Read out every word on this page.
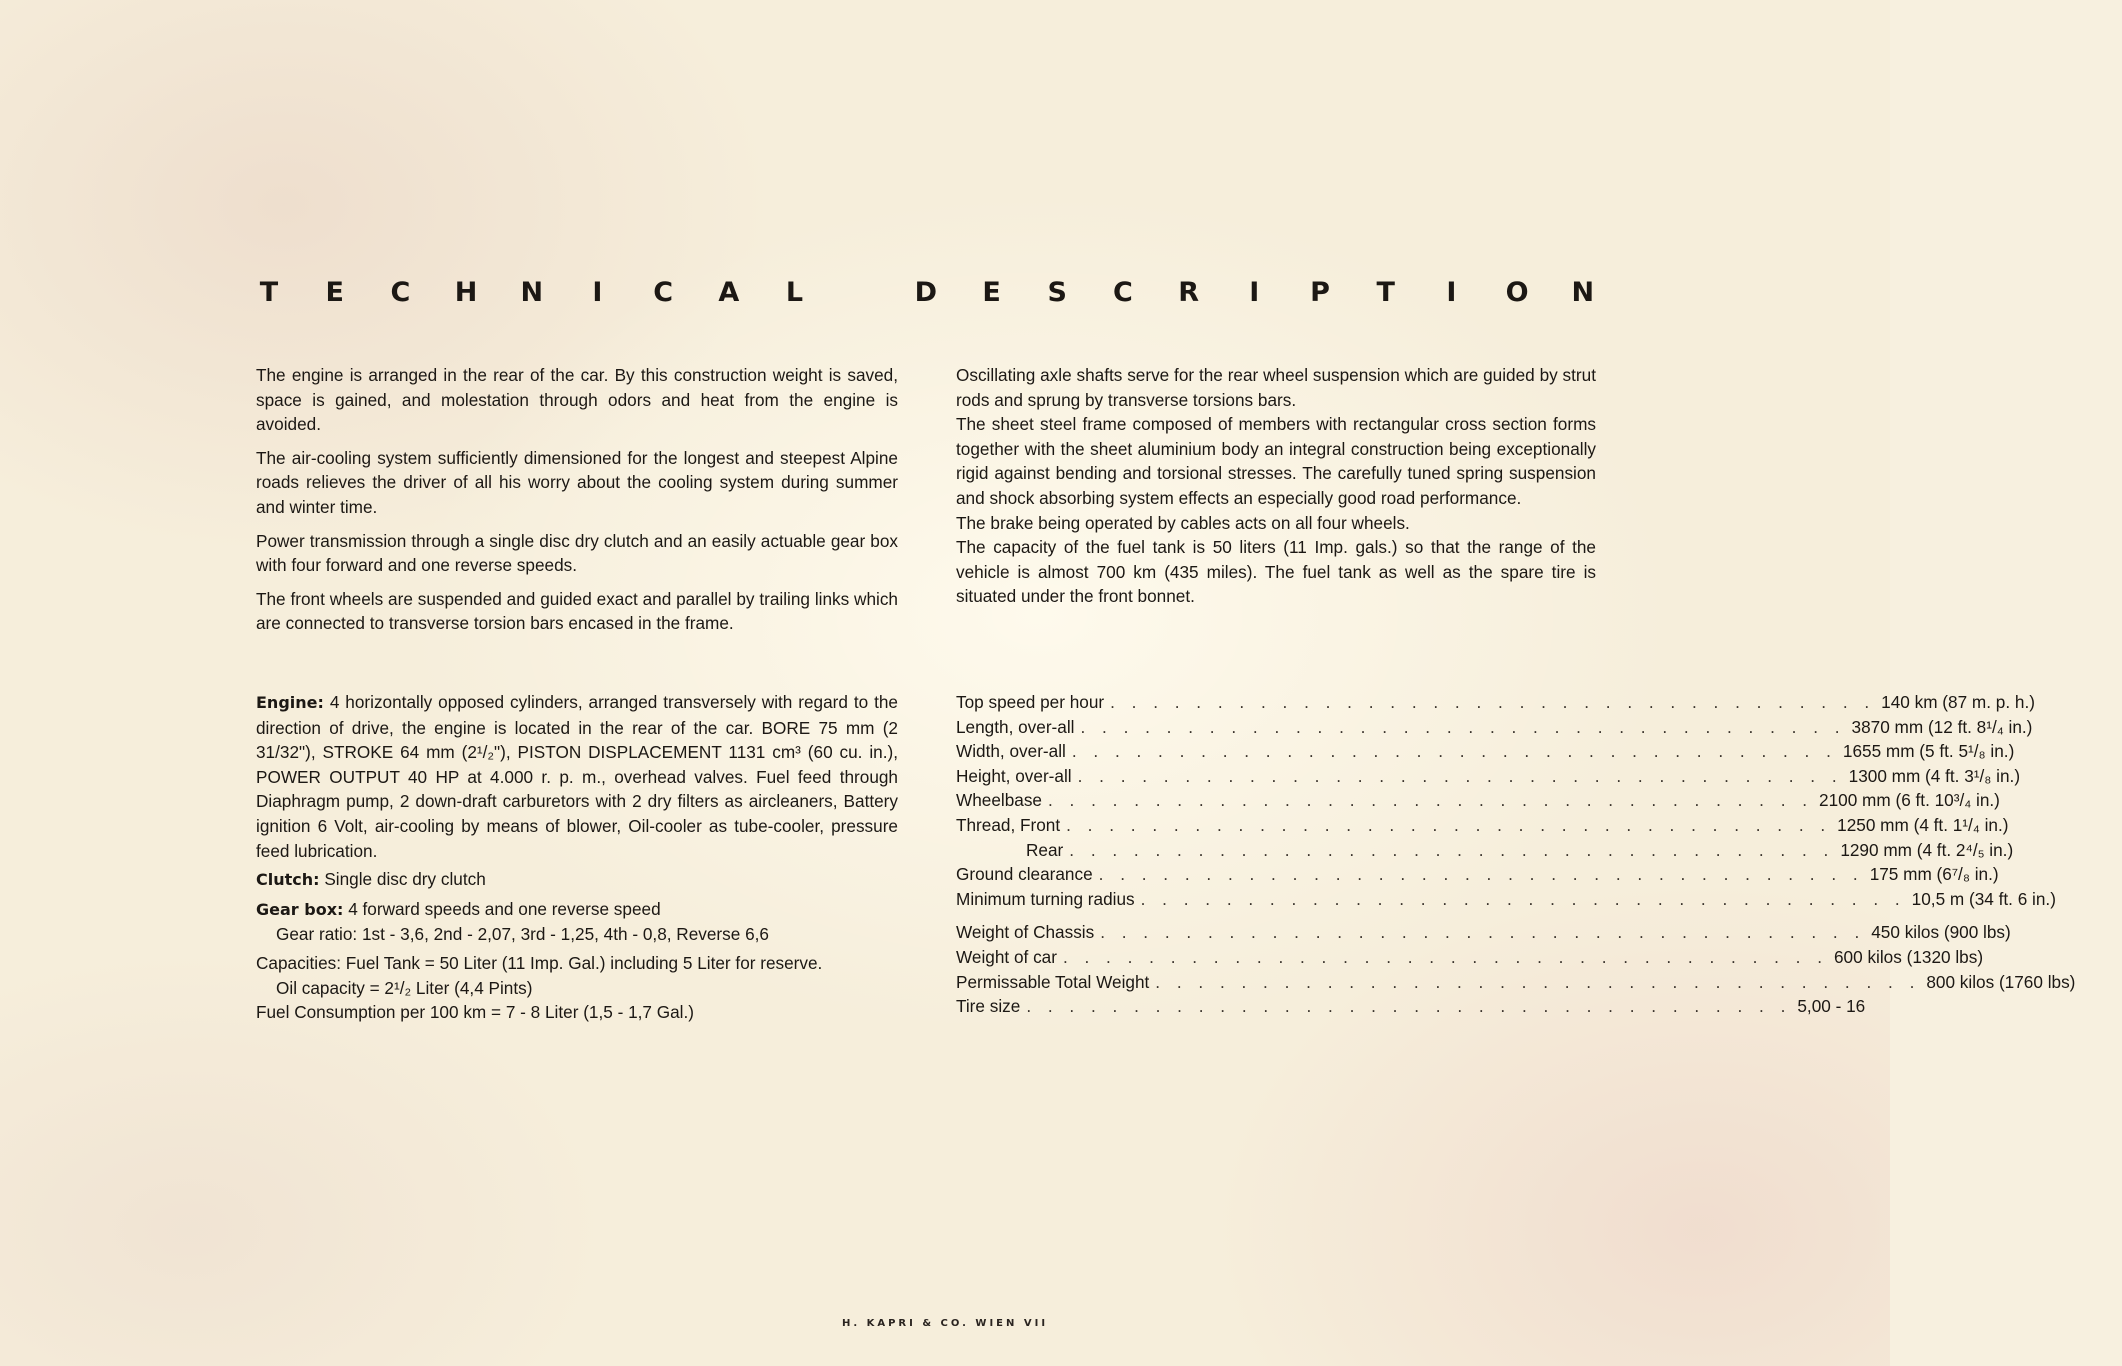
T E C H N I C A L	D E S C R I P T I O N

The engine is arranged in the rear of the car. By this construction weight is saved, space is gained, and molestation through odors and heat from the engine is avoided.

The air-cooling system sufficiently dimensioned for the longest and steepest Alpine roads relieves the driver of all his worry about the cooling system during summer and winter time.

Power transmission through a single disc dry clutch and an easily actuable gear box with four forward and one reverse speeds.

The front wheels are suspended and guided exact and parallel by trailing links which are connected to transverse torsion bars encased in the frame.

Oscillating axle shafts serve for the rear wheel suspension which are guided by strut rods and sprung by transverse torsions bars.

The sheet steel frame composed of members with rectangular cross section forms together with the sheet aluminium body an integral construction being exceptionally rigid against bending and torsional stresses. The carefully tuned spring suspension and shock absorbing system effects an especially good road performance.

The brake being operated by cables acts on all four wheels.

The capacity of the fuel tank is 50 liters (11 Imp. gals.) so that the range of the vehicle is almost 700 km (435 miles). The fuel tank as well as the spare tire is situated under the front bonnet.

Engine: 4 horizontally opposed cylinders, arranged transversely with regard to the direction of drive, the engine is located in the rear of the car. BORE 75 mm (2 31/32"), STROKE 64 mm (2¹/₂"), PISTON DISPLACEMENT 1131 cm³ (60 cu. in.), POWER OUTPUT 40 HP at 4.000 r. p. m., overhead valves. Fuel feed through Diaphragm pump, 2 down-draft carburetors with 2 dry filters as aircleaners, Battery ignition 6 Volt, air-cooling by means of blower, Oil-cooler as tube-cooler, pressure feed lubrication.

Clutch: Single disc dry clutch

Gear box: 4 forward speeds and one reverse speed

Gear ratio: 1st - 3,6, 2nd - 2,07, 3rd - 1,25, 4th - 0,8, Reverse 6,6

Capacities: Fuel Tank = 50 Liter (11 Imp. Gal.) including 5 Liter for reserve.

Oil capacity = 2¹/₂ Liter (4,4 Pints)

Fuel Consumption per 100 km = 7 - 8 Liter (1,5 - 1,7 Gal.)

Top speed per hour . . . . . . . . . . . . . . . . . . . . . . . . . . . . . . . . . . . . 140 km (87 m. p. h.)
Length, over-all . . . . . . . . . . . . . . . . . . . . . . . . . . . . . . . . . . . . 3870 mm (12 ft. 8¹/₄ in.)
Width, over-all . . . . . . . . . . . . . . . . . . . . . . . . . . . . . . . . . . . . 1655 mm (5 ft. 5¹/₈ in.)
Height, over-all . . . . . . . . . . . . . . . . . . . . . . . . . . . . . . . . . . . . 1300 mm (4 ft. 3¹/₈ in.)
Wheelbase . . . . . . . . . . . . . . . . . . . . . . . . . . . . . . . . . . . . 2100 mm (6 ft. 10³/₄ in.)
Thread, Front . . . . . . . . . . . . . . . . . . . . . . . . . . . . . . . . . . . . 1250 mm (4 ft. 1¹/₄ in.)
Rear . . . . . . . . . . . . . . . . . . . . . . . . . . . . . . . . . . . . 1290 mm (4 ft. 2⁴/₅ in.)
Ground clearance . . . . . . . . . . . . . . . . . . . . . . . . . . . . . . . . . . . . 175 mm (6⁷/₈ in.)
Minimum turning radius . . . . . . . . . . . . . . . . . . . . . . . . . . . . . . . . . . . . 10,5 m (34 ft. 6 in.)
Weight of Chassis . . . . . . . . . . . . . . . . . . . . . . . . . . . . . . . . . . . . 450 kilos (900 lbs)
Weight of car . . . . . . . . . . . . . . . . . . . . . . . . . . . . . . . . . . . . 600 kilos (1320 lbs)
Permissable Total Weight . . . . . . . . . . . . . . . . . . . . . . . . . . . . . . . . . . . . 800 kilos (1760 lbs)
Tire size . . . . . . . . . . . . . . . . . . . . . . . . . . . . . . . . . . . . 5,00 - 16
H. KAPRI & CO. WIEN VII
